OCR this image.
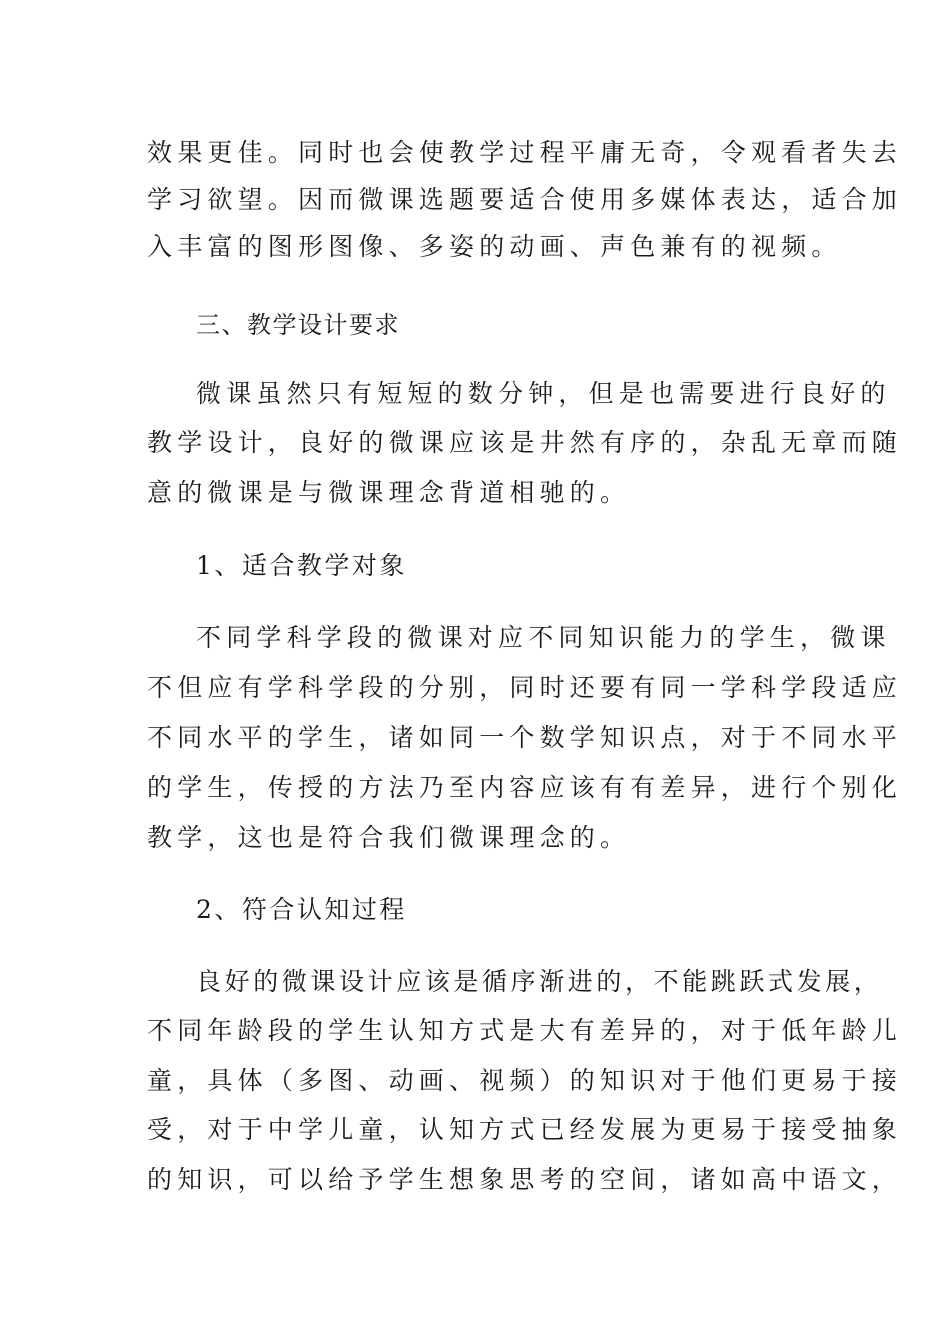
效果更佳。同时也会使教学过程平庸无奇，令观看者失去
学习欲望。因而微课选题要适合使用多媒体表达，适合加
入丰富的图形图像、多姿的动画、声色兼有的视频。
三、教学设计要求
微课虽然只有短短的数分钟，但是也需要进行良好的
教学设计，良好的微课应该是井然有序的，杂乱无章而随
意的微课是与微课理念背道相驰的。
1、适合教学对象
不同学科学段的微课对应不同知识能力的学生，微课
不但应有学科学段的分别，同时还要有同一学科学段适应
不同水平的学生，诸如同一个数学知识点，对于不同水平
的学生，传授的方法乃至内容应该有有差异，进行个别化
教学，这也是符合我们微课理念的。
2、符合认知过程
良好的微课设计应该是循序渐进的，不能跳跃式发展，
不同年龄段的学生认知方式是大有差异的，对于低年龄儿
童，具体（多图、动画、视频）的知识对于他们更易于接
受，对于中学儿童，认知方式已经发展为更易于接受抽象
的知识，可以给予学生想象思考的空间，诸如高中语文，
